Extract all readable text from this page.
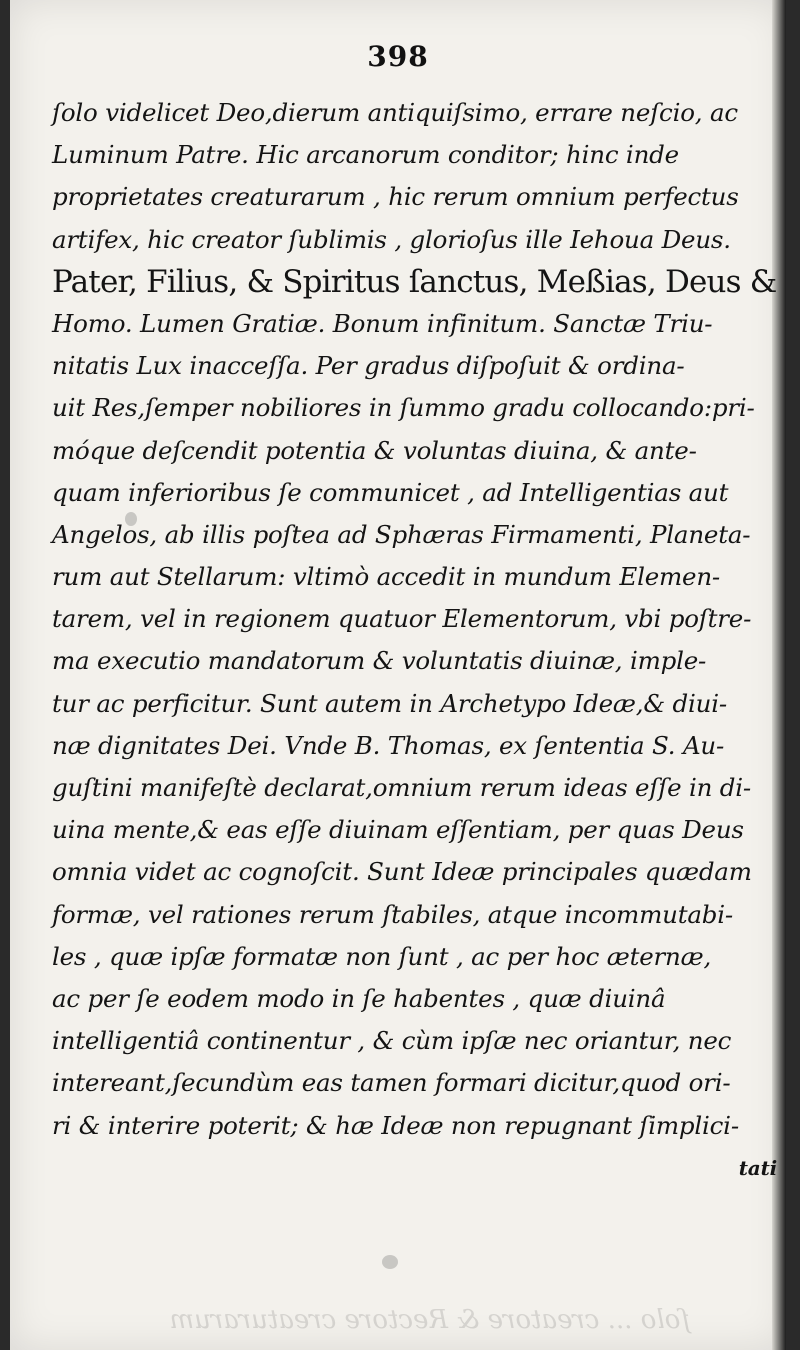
398
ſolo videlicet Deo,dierum antiquiſsimo, errare neſcio, ac
Luminum Patre. Hic arcanorum conditor; hinc inde
proprietates creaturarum , hic rerum omnium perfectus
artifex, hic creator ſublimis , glorioſus ille Iehoua Deus.
Pater, Filius, & Spiritus ſanctus, Meßias, Deus &
Homo. Lumen Gratiæ. Bonum infinitum. Sanctæ Triu-
nitatis Lux inacceſſa. Per gradus diſpoſuit & ordina-
uit Res,ſemper nobiliores in ſummo gradu collocando:pri-
móque deſcendit potentia & voluntas diuina, & ante-
quam inferioribus ſe communicet , ad Intelligentias aut
Angelos, ab illis poſtea ad Sphæras Firmamenti, Planeta-
rum aut Stellarum: vltimò accedit in mundum Elemen-
tarem, vel in regionem quatuor Elementorum, vbi poſtre-
ma executio mandatorum & voluntatis diuinæ, imple-
tur ac perficitur. Sunt autem in Archetypo Ideæ,& diui-
næ dignitates Dei. Vnde B. Thomas, ex ſententia S. Au-
guſtini manifeſtè declarat,omnium rerum ideas eſſe in di-
uina mente,& eas eſſe diuinam eſſentiam, per quas Deus
omnia videt ac cognoſcit. Sunt Ideæ principales quædam
formæ, vel rationes rerum ſtabiles, atque incommutabi-
les , quæ ipſæ formatæ non ſunt , ac per hoc æternæ,
ac per ſe eodem modo in ſe habentes , quæ diuinâ
intelligentiâ continentur , & cùm ipſæ nec oriantur, nec
intereant,ſecundùm eas tamen formari dicitur,quod ori-
ri & interire poterit; & hæ Ideæ non repugnant ſimplici-
tati
ſolo ... creatore & Rectore creaturarum
